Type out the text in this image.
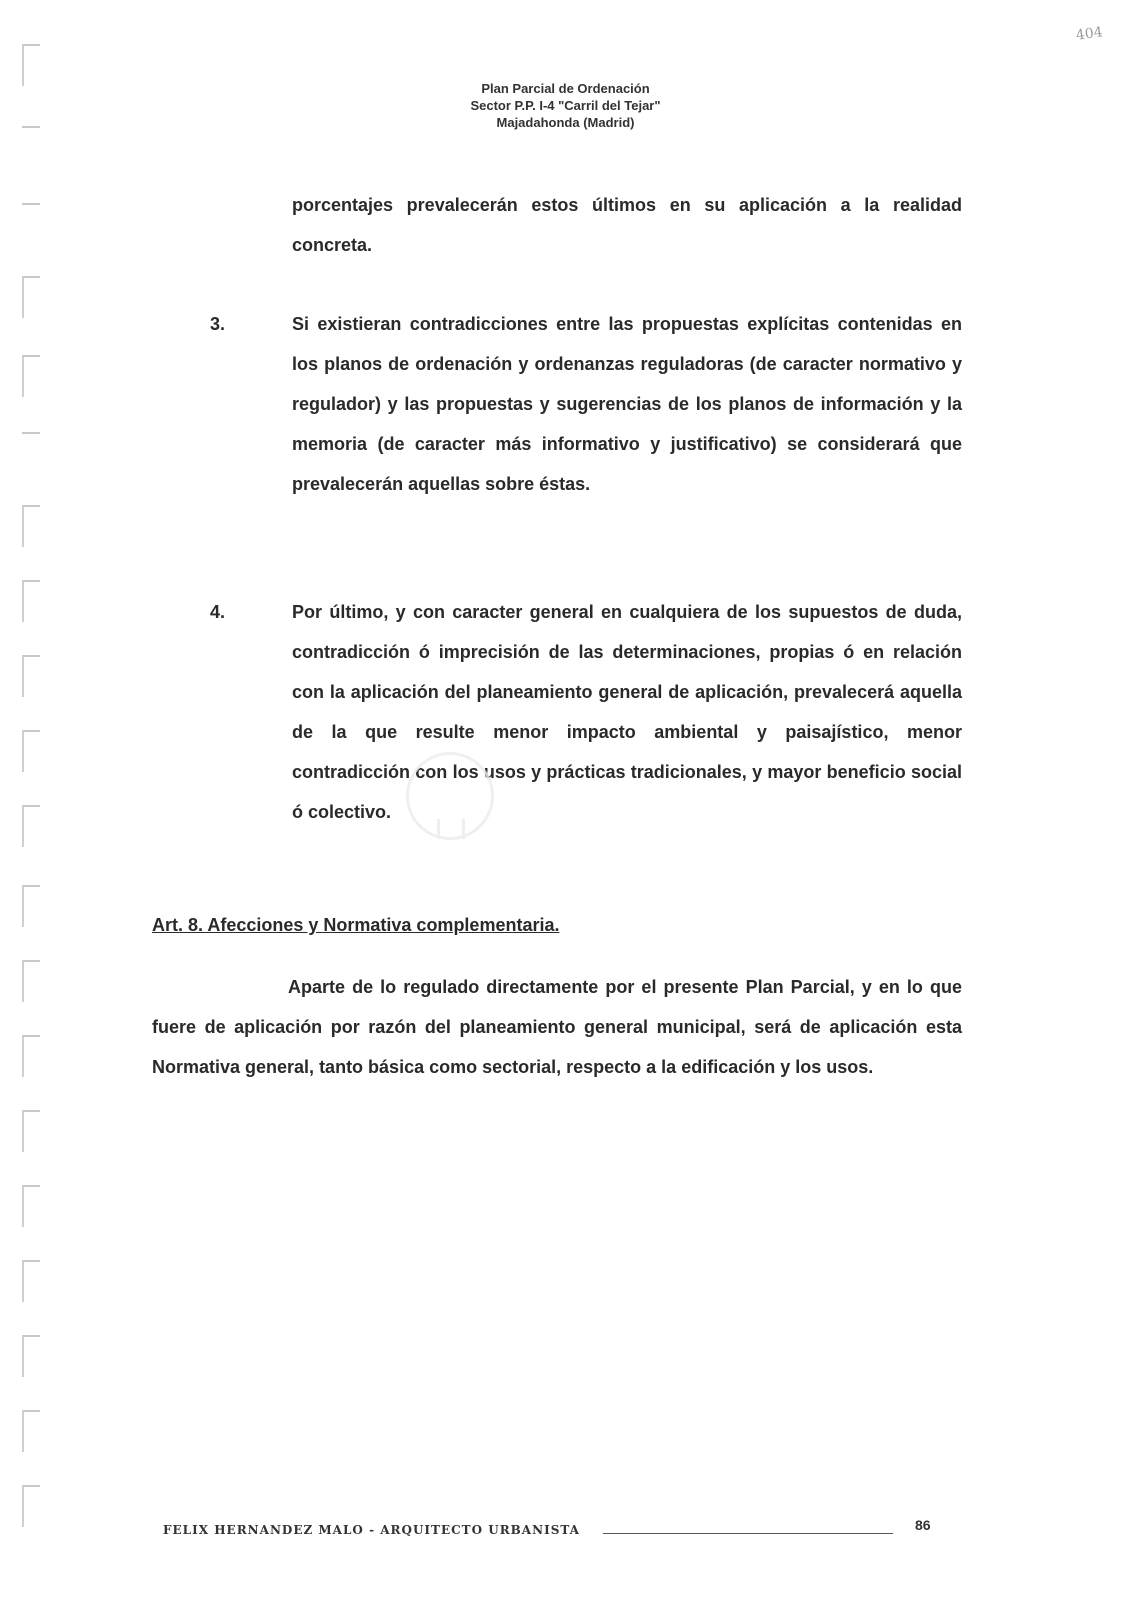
404
Plan Parcial de Ordenación
Sector P.P. I-4 "Carril del Tejar"
Majadahonda (Madrid)
porcentajes prevalecerán estos últimos en su aplicación a la realidad concreta.
3.	Si existieran contradicciones entre las propuestas explícitas contenidas en los planos de ordenación y ordenanzas reguladoras (de caracter normativo y regulador) y las propuestas y sugerencias de los planos de información y la memoria (de caracter más informativo y justificativo) se considerará que prevalecerán aquellas sobre éstas.
4.	Por último, y con caracter general en cualquiera de los supuestos de duda, contradicción ó imprecisión de las determinaciones, propias ó en relación con la aplicación del planeamiento general de aplicación, prevalecerá aquella de la que resulte menor impacto ambiental y paisajístico, menor contradicción con los usos y prácticas tradicionales, y mayor beneficio social ó colectivo.
Art. 8. Afecciones y Normativa complementaria.
Aparte de lo regulado directamente por el presente Plan Parcial, y en lo que fuere de aplicación por razón del planeamiento general municipal, será de aplicación esta Normativa general, tanto básica como sectorial, respecto a la edificación y los usos.
FELIX HERNANDEZ MALO - ARQUITECTO URBANISTA	86
